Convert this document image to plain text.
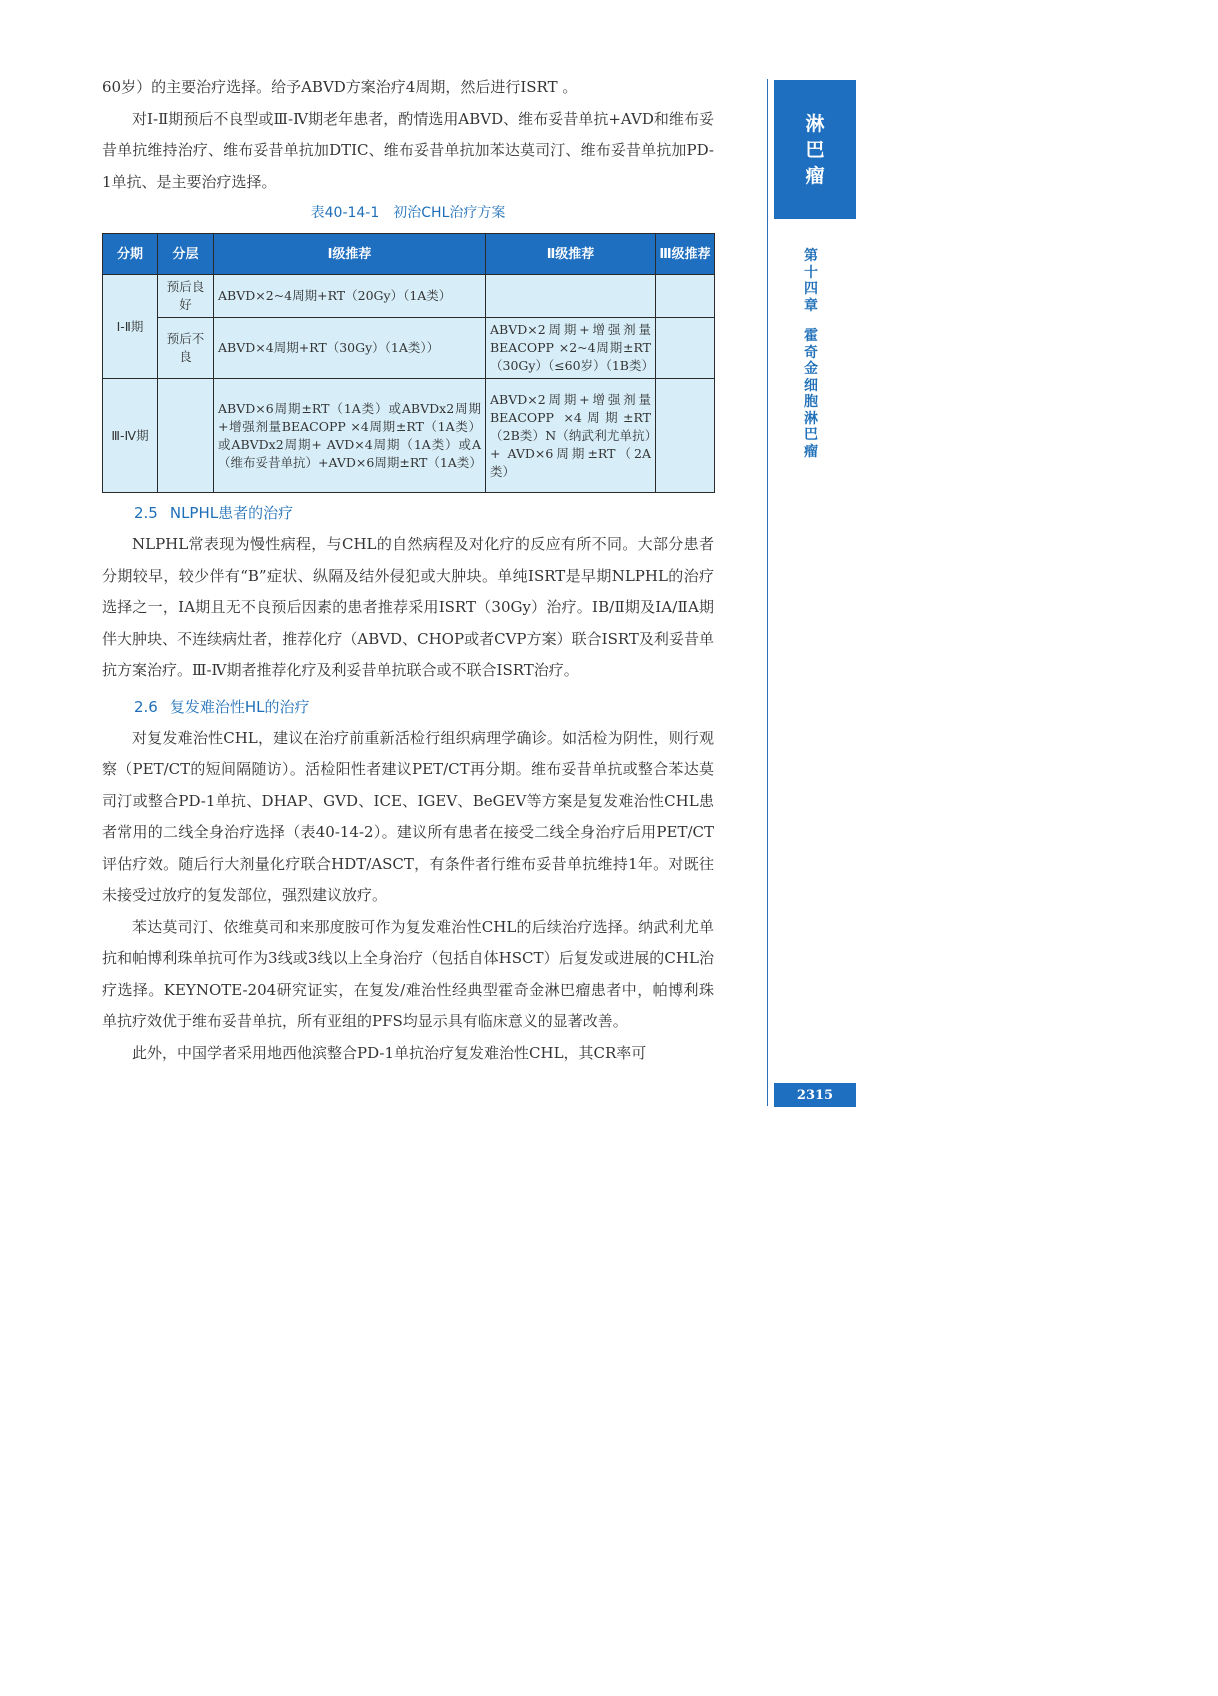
60岁）的主要治疗选择。给予ABVD方案治疗4周期，然后进行ISRT 。

对Ⅰ-Ⅱ期预后不良型或Ⅲ-Ⅳ期老年患者，酌情选用ABVD、维布妥昔单抗+AVD和维布妥昔单抗维持治疗、维布妥昔单抗加DTIC、维布妥昔单抗加苯达莫司汀、维布妥昔单抗加PD-1单抗、是主要治疗选择。

表40-14-1　初治CHL治疗方案
分期	分层	Ⅰ级推荐	Ⅱ级推荐	Ⅲ级推荐
Ⅰ-Ⅱ期	预后良好	ABVD×2~4周期+RT（20Gy）（1A类）		
	预后不良	ABVD×4周期+RT（30Gy）（1A类））	ABVD×2周期+增强剂量BEACOPP ×2~4周期±RT（30Gy）（≤60岁）（1B类）	
Ⅲ-Ⅳ期		ABVD×6周期±RT（1A类）或ABVDx2周期+增强剂量BEACOPP ×4周期±RT（1A类）或ABVDx2周期+ AVD×4周期（1A类）或A（维布妥昔单抗）+AVD×6周期±RT（1A类）	ABVD×2周期+增强剂量BEACOPP ×4周期±RT（2B类）N（纳武利尤单抗）+ AVD×6周期±RT（2A类）	
2.5 NLPHL患者的治疗

NLPHL常表现为慢性病程，与CHL的自然病程及对化疗的反应有所不同。大部分患者分期较早，较少伴有“B”症状、纵隔及结外侵犯或大肿块。单纯ISRT是早期NLPHL的治疗选择之一，ⅠA期且无不良预后因素的患者推荐采用ISRT（30Gy）治疗。ⅠB/Ⅱ期及ⅠA/ⅡA期伴大肿块、不连续病灶者，推荐化疗（ABVD、CHOP或者CVP方案）联合ISRT及利妥昔单抗方案治疗。Ⅲ-Ⅳ期者推荐化疗及利妥昔单抗联合或不联合ISRT治疗。

2.6 复发难治性HL的治疗

对复发难治性CHL，建议在治疗前重新活检行组织病理学确诊。如活检为阴性，则行观察（PET/CT的短间隔随访）。活检阳性者建议PET/CT再分期。维布妥昔单抗或整合苯达莫司汀或整合PD-1单抗、DHAP、GVD、ICE、IGEV、BeGEV等方案是复发难治性CHL患者常用的二线全身治疗选择（表40-14-2）。建议所有患者在接受二线全身治疗后用PET/CT评估疗效。随后行大剂量化疗联合HDT/ASCT，有条件者行维布妥昔单抗维持1年。对既往未接受过放疗的复发部位，强烈建议放疗。

苯达莫司汀、依维莫司和来那度胺可作为复发难治性CHL的后续治疗选择。纳武利尤单抗和帕博利珠单抗可作为3线或3线以上全身治疗（包括自体HSCT）后复发或进展的CHL治疗选择。KEYNOTE-204研究证实，在复发/难治性经典型霍奇金淋巴瘤患者中，帕博利珠单抗疗效优于维布妥昔单抗，所有亚组的PFS均显示具有临床意义的显著改善。

此外，中国学者采用地西他滨整合PD-1单抗治疗复发难治性CHL，其CR率可

淋
巴
瘤
第
十
四
章
霍
奇
金
细
胞
淋
巴
瘤
2315
